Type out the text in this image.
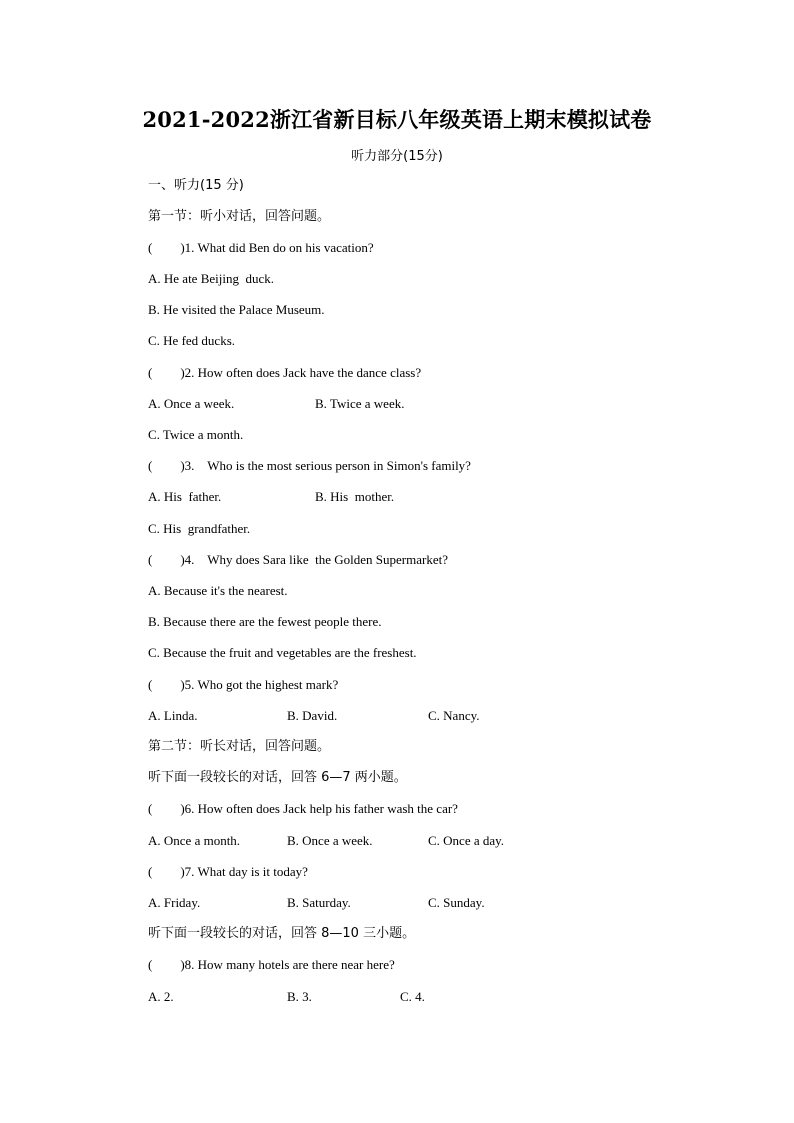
2021-2022浙江省新目标八年级英语上期末模拟试卷
听力部分(15分)
一、听力(15 分)
第一节：听小对话，回答问题。
( )1. What did Ben do on his vacation?
A. He ate Beijing  duck.
B. He visited the Palace Museum.
C. He fed ducks.
( )2. How often does Jack have the dance class?
A. Once a week.	B. Twice a week.
C. Twice a month.
( )3.    Who is the most serious person in Simon's family?
A. His  father.	B. His  mother.
C. His  grandfather.
( )4.    Why does Sara like  the Golden Supermarket?
A. Because it's the nearest.
B. Because there are the fewest people there.
C. Because the fruit and vegetables are the freshest.
( )5. Who got the highest mark?
A. Linda.	B. David.	C. Nancy.
第二节：听长对话，回答问题。
听下面一段较长的对话，回答 6—7 两小题。
( )6. How often does Jack help his father wash the car?
A. Once a month.	B. Once a week.	C. Once a day.
( )7. What day is it today?
A. Friday.	B. Saturday.	C. Sunday.
听下面一段较长的对话，回答 8—10 三小题。
( )8. How many hotels are there near here?
A. 2.	B. 3.	C. 4.
